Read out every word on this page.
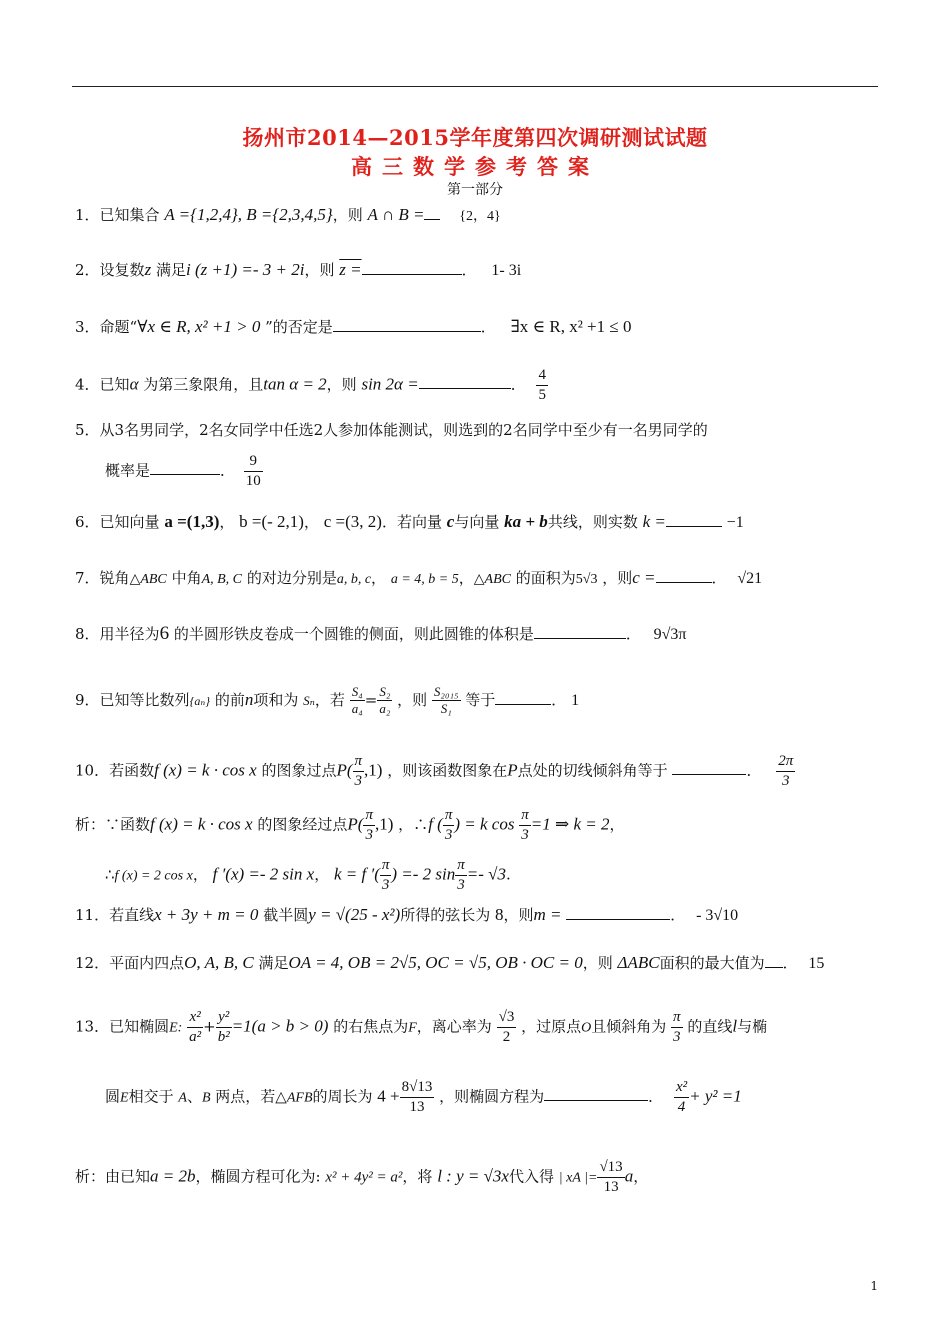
扬州市2014—2015学年度第四次调研测试试题
高三数学参考答案
第一部分
1．已知集合 A ={1,2,4}, B ={2,3,4,5}，则 A ∩ B = {2，4}
2．设复数z 满足i (z +1) =- 3 + 2i，则 z =	． 1- 3i
3．命题“∀x ∈ R, x² +1 > 0 ”的否定是	． ∃x ∈ R, x² +1 ≤ 0
4．已知α 为第三象限角，且tan α = 2，则 sin 2α =	． $\frac{4}{5}$
5．从3名男同学，2名女同学中任选2人参加体能测试，则选到的2名同学中至少有一名男同学的
概率是	． $\frac{9}{10}$
6．已知向量 a =(1,3)， b =(- 2,1)， c =(3, 2)．若向量 c与向量 ka + b共线，则实数 k =	−1
7．锐角△ABC 中角A, B, C 的对边分别是a, b, c， a = 4, b = 5，△ABC 的面积为5√3 ，则c =	． √21
8．用半径为6 的半圆形铁皮卷成一个圆锥的侧面，则此圆锥的体积是	． 9√3π
9．已知等比数列{aₙ} 的前n项和为 Sₙ，若 $\frac{\text{S₄}}{\text{a₄}} = \frac{\text{S₂}}{\text{a₂}}$ ，则 $\frac{\text{S₂₀₁₅}}{\text{S₁}}$ 等于	． 1
10．若函数f (x) = k · cos x 的图象过点$P( \frac{\pi}{3} ,1)$ ，则该函数图象在P点处的切线倾斜角等于	． $\frac{2\pi}{3}$
析：∵函数f (x) = k · cos x 的图象经过点$P( \frac{\pi}{3} ,1)$ ，∴f ( $\frac{\pi}{3}$ ) = k $\cos \frac{\pi}{3} =1$ ⇒ k = 2，
∴f (x) = 2 cos x， f ′(x) =- 2 sin x， k = f ′( $\frac{\pi}{3}$ ) =- 2 $\sin \frac{\pi}{3} =- √3$.
11．若直线x + 3y + m = 0 截半圆y = √(25 - x²)所得的弦长为 8，则m =	． - 3√10
12．平面内四点O, A, B, C 满足OA = 4, OB = 2√5, OC = √5, OB · OC = 0，则 ΔABC面积的最大值为 ． 15
13．已知椭圆E: $\frac{\text{x²}}{\text{a²}} + \frac{\text{y²}}{\text{b²}} =1(a > b > 0)$ 的右焦点为F，离心率为 $\frac{√3}{2}$ ，过原点O且倾斜角为 $\frac{\pi}{3}$ 的直线l与椭
圆E相交于 A、B 两点，若△AFB的周长为 $4 + \frac{8√13}{13}$ ，则椭圆方程为	． $\frac{\text{x²}}{4} + y^2 =1$
析：由已知a = 2b，椭圆方程可化为: x² + 4y² = a²，将 l : y = √3x代入得 | xA |= $\frac{√13}{13}$ a，
1
